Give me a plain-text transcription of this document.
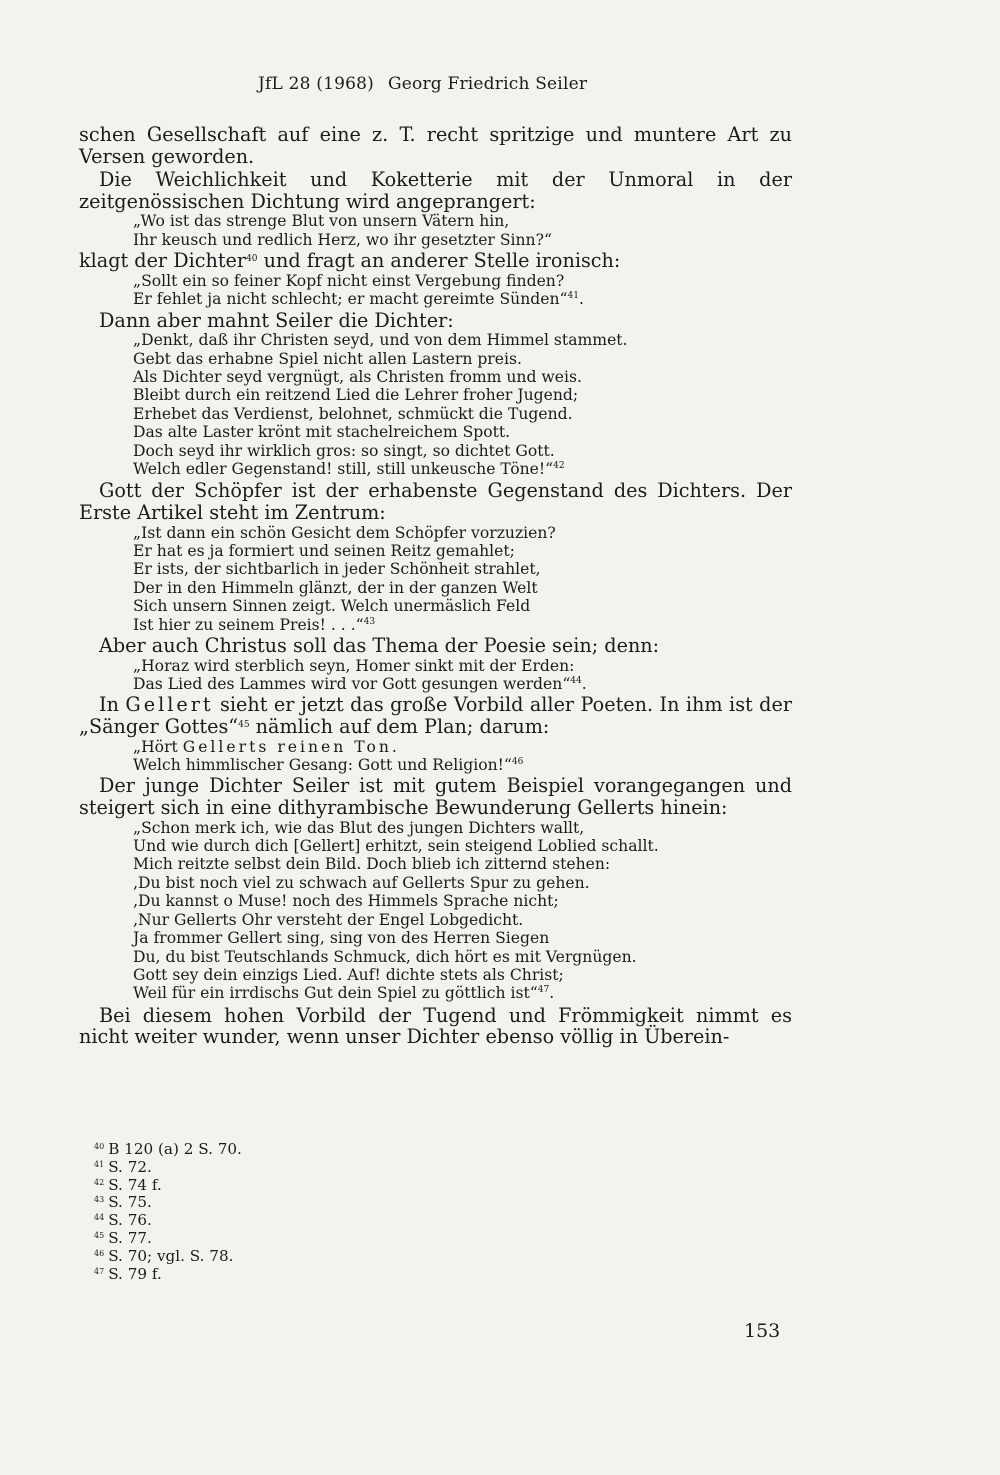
JfL 28 (1968) Georg Friedrich Seiler

schen Gesellschaft auf eine z. T. recht spritzige und muntere Art zu Versen geworden.

Die Weichlichkeit und Koketterie mit der Unmoral in der zeitgenössischen Dichtung wird angeprangert:

„Wo ist das strenge Blut von unsern Vätern hin,
Ihr keusch und redlich Herz, wo ihr gesetzter Sinn?“

klagt der Dichter$^{40}$ und fragt an anderer Stelle ironisch:

„Sollt ein so feiner Kopf nicht einst Vergebung finden?
Er fehlet ja nicht schlecht; er macht gereimte Sünden“$^{41}$.

Dann aber mahnt Seiler die Dichter:

„Denkt, daß ihr Christen seyd, und von dem Himmel stammet.
Gebt das erhabne Spiel nicht allen Lastern preis.
Als Dichter seyd vergnügt, als Christen fromm und weis.
Bleibt durch ein reitzend Lied die Lehrer froher Jugend;
Erhebet das Verdienst, belohnet, schmückt die Tugend.
Das alte Laster krönt mit stachelreichem Spott.
Doch seyd ihr wirklich gros: so singt, so dichtet Gott.
Welch edler Gegenstand! still, still unkeusche Töne!“$^{42}$

Gott der Schöpfer ist der erhabenste Gegenstand des Dichters. Der Erste Artikel steht im Zentrum:

„Ist dann ein schön Gesicht dem Schöpfer vorzuzien?
Er hat es ja formiert und seinen Reitz gemahlet;
Er ists, der sichtbarlich in jeder Schönheit strahlet,
Der in den Himmeln glänzt, der in der ganzen Welt
Sich unsern Sinnen zeigt. Welch unermäslich Feld
Ist hier zu seinem Preis! . . .“$^{43}$

Aber auch Christus soll das Thema der Poesie sein; denn:

„Horaz wird sterblich seyn, Homer sinkt mit der Erden:
Das Lied des Lammes wird vor Gott gesungen werden“$^{44}$.

In Gellert sieht er jetzt das große Vorbild aller Poeten. In ihm ist der „Sänger Gottes“$^{45}$ nämlich auf dem Plan; darum:

„Hört Gellerts reinen Ton.
Welch himmlischer Gesang: Gott und Religion!“$^{46}$

Der junge Dichter Seiler ist mit gutem Beispiel vorangegangen und steigert sich in eine dithyrambische Bewunderung Gellerts hinein:

„Schon merk ich, wie das Blut des jungen Dichters wallt,
Und wie durch dich [Gellert] erhitzt, sein steigend Loblied schallt.
Mich reitzte selbst dein Bild. Doch blieb ich zitternd stehen:
‚Du bist noch viel zu schwach auf Gellerts Spur zu gehen.
‚Du kannst o Muse! noch des Himmels Sprache nicht;
‚Nur Gellerts Ohr versteht der Engel Lobgedicht.
Ja frommer Gellert sing, sing von des Herren Siegen
Du, du bist Teutschlands Schmuck, dich hört es mit Vergnügen.
Gott sey dein einzigs Lied. Auf! dichte stets als Christ;
Weil für ein irrdischs Gut dein Spiel zu göttlich ist“$^{47}$.

Bei diesem hohen Vorbild der Tugend und Frömmigkeit nimmt es nicht weiter wunder, wenn unser Dichter ebenso völlig in Überein-

$^{40}$ B 120 (a) 2 S. 70.
$^{41}$ S. 72.
$^{42}$ S. 74 f.
$^{43}$ S. 75.
$^{44}$ S. 76.
$^{45}$ S. 77.
$^{46}$ S. 70; vgl. S. 78.
$^{47}$ S. 79 f.
153
